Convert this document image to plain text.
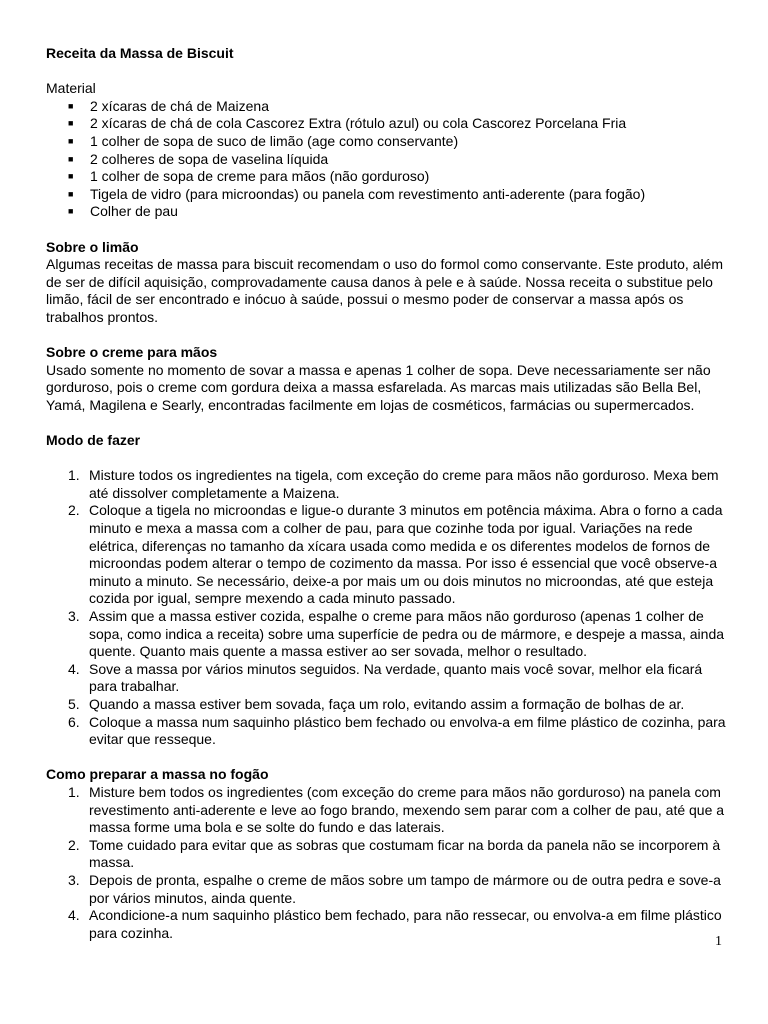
Receita da Massa de Biscuit

Material

■ 2 xícaras de chá de Maizena
■ 2 xícaras de chá de cola Cascorez Extra (rótulo azul) ou cola Cascorez Porcelana Fria
■ 1 colher de sopa de suco de limão (age como conservante)
■ 2 colheres de sopa de vaselina líquida
■ 1 colher de sopa de creme para mãos (não gorduroso)
■ Tigela de vidro (para microondas) ou panela com revestimento anti-aderente (para fogão)
■ Colher de pau
Sobre o limão

Algumas receitas de massa para biscuit recomendam o uso do formol como conservante. Este produto, além de ser de difícil aquisição, comprovadamente causa danos à pele e à saúde. Nossa receita o substitue pelo limão, fácil de ser encontrado e inócuo à saúde, possui o mesmo poder de conservar a massa após os trabalhos prontos.

Sobre o creme para mãos

Usado somente no momento de sovar a massa e apenas 1 colher de sopa. Deve necessariamente ser não gorduroso, pois o creme com gordura deixa a massa esfarelada. As marcas mais utilizadas são Bella Bel, Yamá, Magilena e Searly, encontradas facilmente em lojas de cosméticos, farmácias ou supermercados.

Modo de fazer
1. Misture todos os ingredientes na tigela, com exceção do creme para mãos não gorduroso. Mexa bem até dissolver completamente a Maizena.
2. Coloque a tigela no microondas e ligue-o durante 3 minutos em potência máxima. Abra o forno a cada minuto e mexa a massa com a colher de pau, para que cozinhe toda por igual. Variações na rede elétrica, diferenças no tamanho da xícara usada como medida e os diferentes modelos de fornos de microondas podem alterar o tempo de cozimento da massa. Por isso é essencial que você observe-a minuto a minuto. Se necessário, deixe-a por mais um ou dois minutos no microondas, até que esteja cozida por igual, sempre mexendo a cada minuto passado.
3. Assim que a massa estiver cozida, espalhe o creme para mãos não gorduroso (apenas 1 colher de sopa, como indica a receita) sobre uma superfície de pedra ou de mármore, e despeje a massa, ainda quente. Quanto mais quente a massa estiver ao ser sovada, melhor o resultado.
4. Sove a massa por vários minutos seguidos. Na verdade, quanto mais você sovar, melhor ela ficará para trabalhar.
5. Quando a massa estiver bem sovada, faça um rolo, evitando assim a formação de bolhas de ar.
6. Coloque a massa num saquinho plástico bem fechado ou envolva-a em filme plástico de cozinha, para evitar que resseque.
Como preparar a massa no fogão
1. Misture bem todos os ingredientes (com exceção do creme para mãos não gorduroso) na panela com revestimento anti-aderente e leve ao fogo brando, mexendo sem parar com a colher de pau, até que a massa forme uma bola e se solte do fundo e das laterais.
2. Tome cuidado para evitar que as sobras que costumam ficar na borda da panela não se incorporem à massa.
3. Depois de pronta, espalhe o creme de mãos sobre um tampo de mármore ou de outra pedra e sove-a por vários minutos, ainda quente.
4. Acondicione-a num saquinho plástico bem fechado, para não ressecar, ou envolva-a em filme plástico para cozinha.
1
